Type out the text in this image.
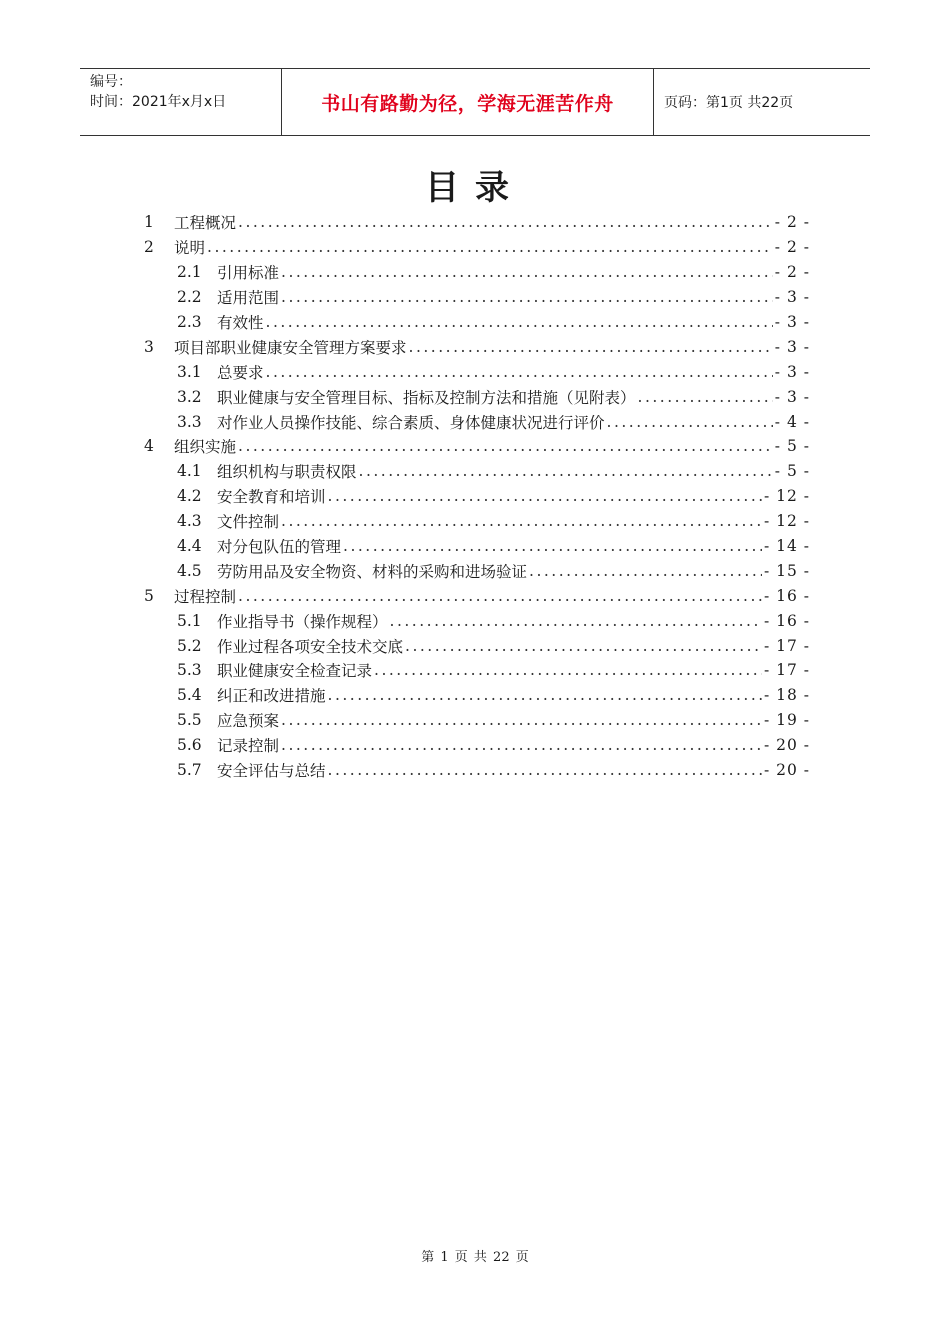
编号：
时间：2021年x月x日	书山有路勤为径，学海无涯苦作舟	页码：第1页 共22页
目录
1	工程概况 .....	- 2 -
2	说明 .....	- 2 -
2.1 引用标准 .....	- 2 -
2.2 适用范围 .....	- 3 -
2.3 有效性 .....	- 3 -
3	项目部职业健康安全管理方案要求 .....	- 3 -
3.1 总要求 .....	- 3 -
3.2 职业健康与安全管理目标、指标及控制方法和措施（见附表） .....	- 3 -
3.3 对作业人员操作技能、综合素质、身体健康状况进行评价 .....	- 4 -
4	组织实施 .....	- 5 -
4.1 组织机构与职责权限 .....	- 5 -
4.2 安全教育和培训 .....	- 12 -
4.3 文件控制 .....	- 12 -
4.4 对分包队伍的管理 .....	- 14 -
4.5 劳防用品及安全物资、材料的采购和进场验证 .....	- 15 -
5	过程控制 .....	- 16 -
5.1 作业指导书（操作规程） .....	- 16 -
5.2 作业过程各项安全技术交底 .....	- 17 -
5.3 职业健康安全检查记录 .....	- 17 -
5.4 纠正和改进措施 .....	- 18 -
5.5 应急预案 .....	- 19 -
5.6 记录控制 .....	- 20 -
5.7 安全评估与总结 .....	- 20 -
第 1 页 共 22 页
